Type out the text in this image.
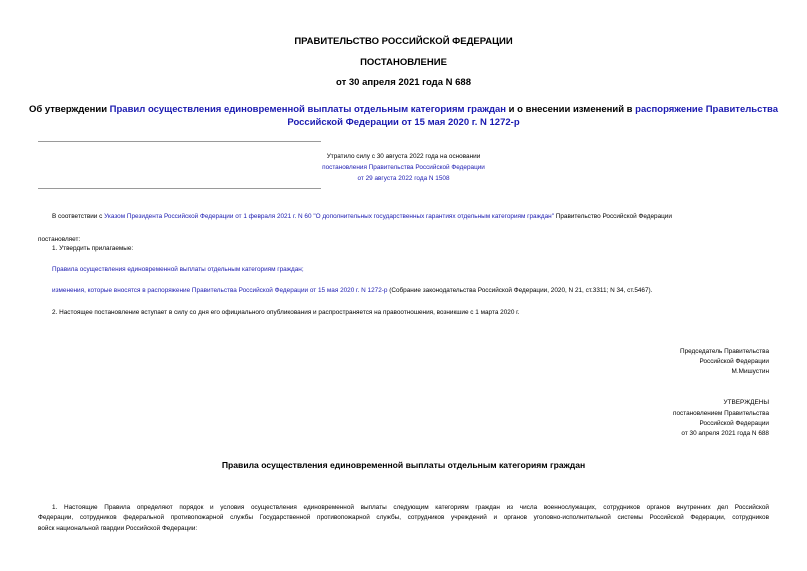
ПРАВИТЕЛЬСТВО РОССИЙСКОЙ ФЕДЕРАЦИИ

ПОСТАНОВЛЕНИЕ

от 30 апреля 2021 года N 688

Об утверждении Правил осуществления единовременной выплаты отдельным категориям граждан и о внесении изменений в распоряжение Правительства

Российской Федерации от 15 мая 2020 г. N 1272-р

Утратило силу с 30 августа 2022 года на основании

постановления Правительства Российской Федерации

от 29 августа 2022 года N 1508

В соответствии с Указом Президента Российской Федерации от 1 февраля 2021 г. N 60 "О дополнительных государственных гарантиях отдельным категориям граждан" Правительство Российской Федерации

постановляет:

1. Утвердить прилагаемые:

Правила осуществления единовременной выплаты отдельным категориям граждан;

изменения, которые вносятся в распоряжение Правительства Российской Федерации от 15 мая 2020 г. N 1272-р (Собрание законодательства Российской Федерации, 2020, N 21, ст.3311; N 34, ст.5467).

2. Настоящее постановление вступает в силу со дня его официального опубликования и распространяется на правоотношения, возникшие с 1 марта 2020 г.

Председатель Правительства

Российской Федерации

М.Мишустин

УТВЕРЖДЕНЫ

постановлением Правительства

Российской Федерации

от 30 апреля 2021 года N 688

Правила осуществления единовременной выплаты отдельным категориям граждан

1. Настоящие Правила определяют порядок и условия осуществления единовременной выплаты следующим категориям граждан из числа военнослужащих, сотрудников органов внутренних дел Российской

Федерации, сотрудников федеральной противопожарной службы Государственной противопожарной службы, сотрудников учреждений и органов уголовно-исполнительной системы Российской Федерации, сотрудников

войск национальной гвардии Российской Федерации:
